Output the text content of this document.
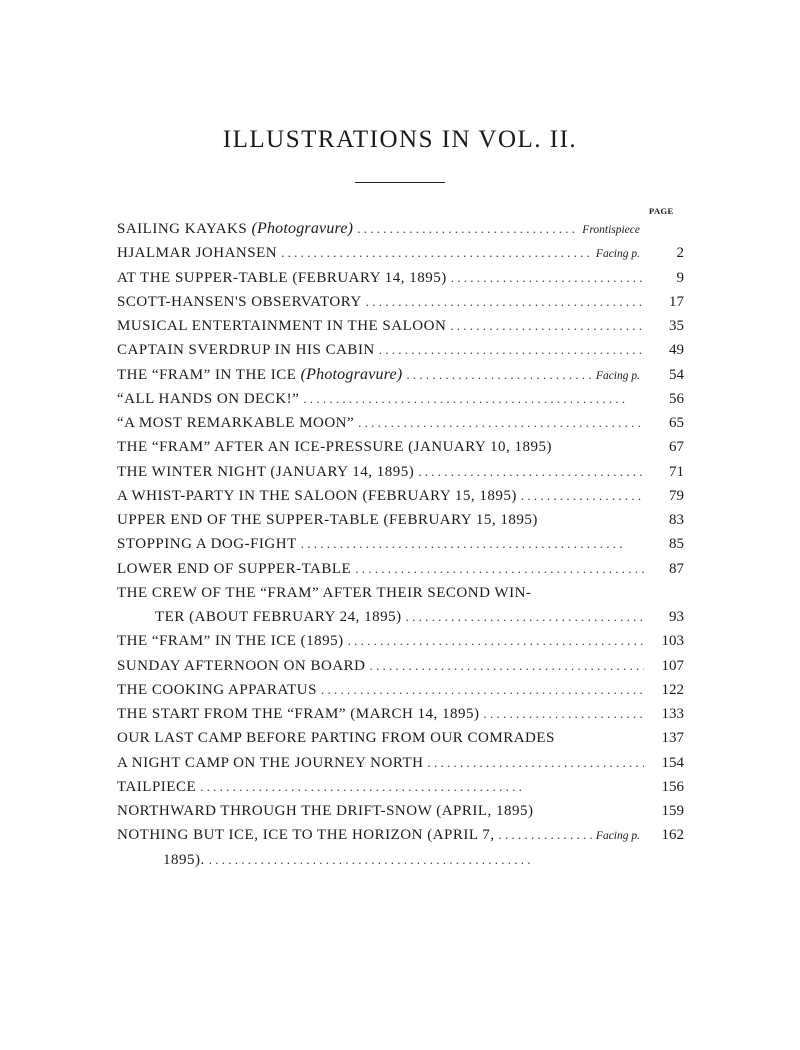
ILLUSTRATIONS IN VOL. II.
PAGE
SAILING KAYAKS (Photogravure) . . .	Frontispiece
HJALMAR JOHANSEN . . .	Facing p.	2
AT THE SUPPER-TABLE (FEBRUARY 14, 1895) . . .	9
SCOTT-HANSEN'S OBSERVATORY . . .	17
MUSICAL ENTERTAINMENT IN THE SALOON . . .	35
CAPTAIN SVERDRUP IN HIS CABIN . . .	49
THE “FRAM” IN THE ICE (Photogravure) . . .	Facing p.	54
“ALL HANDS ON DECK!” . . .	56
“A MOST REMARKABLE MOON” . . .	65
THE “FRAM” AFTER AN ICE-PRESSURE (JANUARY 10, 1895)	67
THE WINTER NIGHT (JANUARY 14, 1895) . . .	71
A WHIST-PARTY IN THE SALOON (FEBRUARY 15, 1895) . . .	79
UPPER END OF THE SUPPER-TABLE (FEBRUARY 15, 1895)	83
STOPPING A DOG-FIGHT . . .	85
LOWER END OF SUPPER-TABLE . . .	87
THE CREW OF THE “FRAM” AFTER THEIR SECOND WIN-
TER (ABOUT FEBRUARY 24, 1895) . . .	93
THE “FRAM” IN THE ICE (1895) . . .	103
SUNDAY AFTERNOON ON BOARD . . .	107
THE COOKING APPARATUS . . .	122
THE START FROM THE “FRAM” (MARCH 14, 1895) . . .	133
OUR LAST CAMP BEFORE PARTING FROM OUR COMRADES	137
A NIGHT CAMP ON THE JOURNEY NORTH . . .	154
TAILPIECE . . .	156
NORTHWARD THROUGH THE DRIFT-SNOW (APRIL, 1895)	159
NOTHING BUT ICE, ICE TO THE HORIZON (APRIL 7, . . .	Facing p.	162
1895).
. . .
